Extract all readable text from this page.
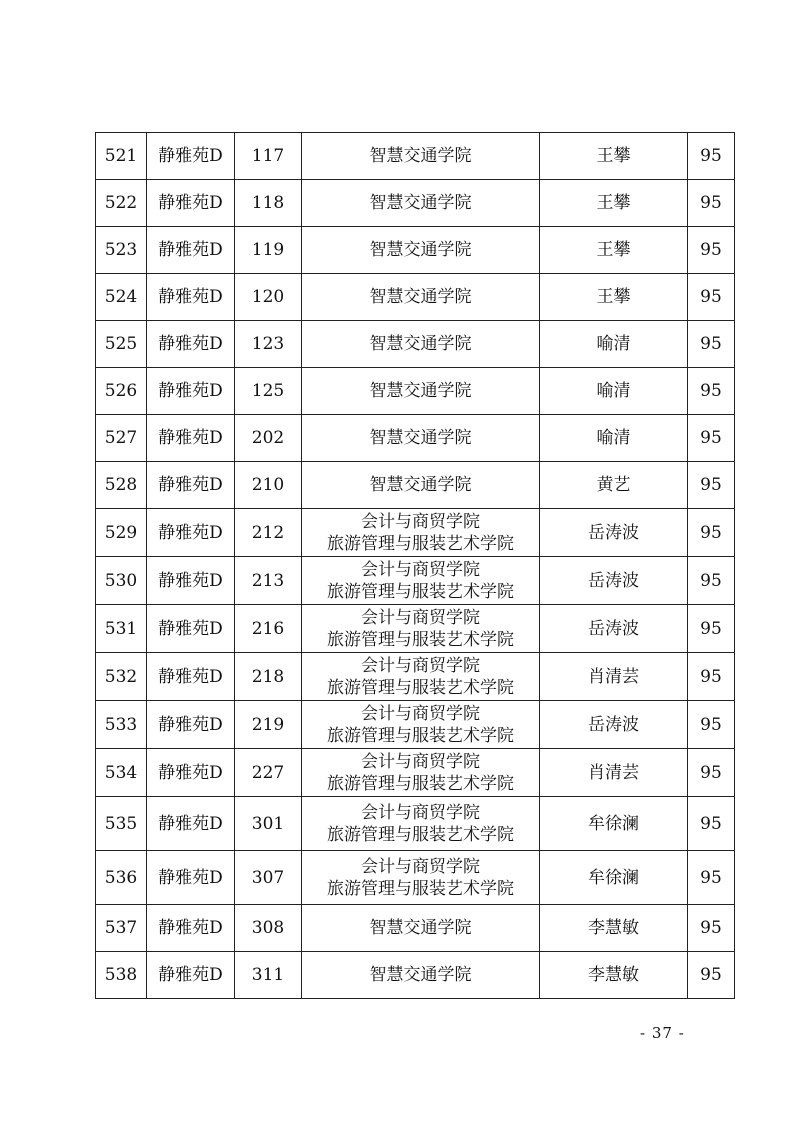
521	静雅苑D	117	智慧交通学院	王攀	95
522	静雅苑D	118	智慧交通学院	王攀	95
523	静雅苑D	119	智慧交通学院	王攀	95
524	静雅苑D	120	智慧交通学院	王攀	95
525	静雅苑D	123	智慧交通学院	喻清	95
526	静雅苑D	125	智慧交通学院	喻清	95
527	静雅苑D	202	智慧交通学院	喻清	95
528	静雅苑D	210	智慧交通学院	黄艺	95
529	静雅苑D	212	会计与商贸学院
旅游管理与服装艺术学院	岳涛波	95
530	静雅苑D	213	会计与商贸学院
旅游管理与服装艺术学院	岳涛波	95
531	静雅苑D	216	会计与商贸学院
旅游管理与服装艺术学院	岳涛波	95
532	静雅苑D	218	会计与商贸学院
旅游管理与服装艺术学院	肖清芸	95
533	静雅苑D	219	会计与商贸学院
旅游管理与服装艺术学院	岳涛波	95
534	静雅苑D	227	会计与商贸学院
旅游管理与服装艺术学院	肖清芸	95
535	静雅苑D	301	会计与商贸学院
旅游管理与服装艺术学院	牟徐澜	95
536	静雅苑D	307	会计与商贸学院
旅游管理与服装艺术学院	牟徐澜	95
537	静雅苑D	308	智慧交通学院	李慧敏	95
538	静雅苑D	311	智慧交通学院	李慧敏	95
- 37 -
